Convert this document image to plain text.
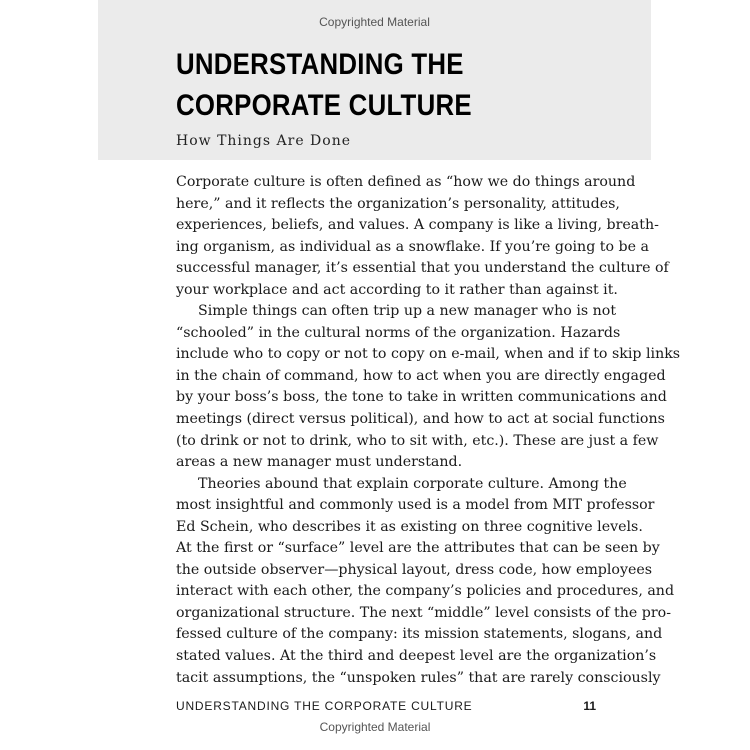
Copyrighted Material
UNDERSTANDING THE
CORPORATE CULTURE
How Things Are Done
Corporate culture is often defined as “how we do things around
here,” and it reflects the organization’s personality, attitudes,
experiences, beliefs, and values. A company is like a living, breath-
ing organism, as individual as a snowflake. If you’re going to be a
successful manager, it’s essential that you understand the culture of
your workplace and act according to it rather than against it.
Simple things can often trip up a new manager who is not
“schooled” in the cultural norms of the organization. Hazards
include who to copy or not to copy on e-mail, when and if to skip links
in the chain of command, how to act when you are directly engaged
by your boss’s boss, the tone to take in written communications and
meetings (direct versus political), and how to act at social functions
(to drink or not to drink, who to sit with, etc.). These are just a few
areas a new manager must understand.
Theories abound that explain corporate culture. Among the
most insightful and commonly used is a model from MIT professor
Ed Schein, who describes it as existing on three cognitive levels.
At the first or “surface” level are the attributes that can be seen by
the outside observer—physical layout, dress code, how employees
interact with each other, the company’s policies and procedures, and
organizational structure. The next “middle” level consists of the pro-
fessed culture of the company: its mission statements, slogans, and
stated values. At the third and deepest level are the organization’s
tacit assumptions, the “unspoken rules” that are rarely consciously
UNDERSTANDING THE CORPORATE CULTURE	11
Copyrighted Material
